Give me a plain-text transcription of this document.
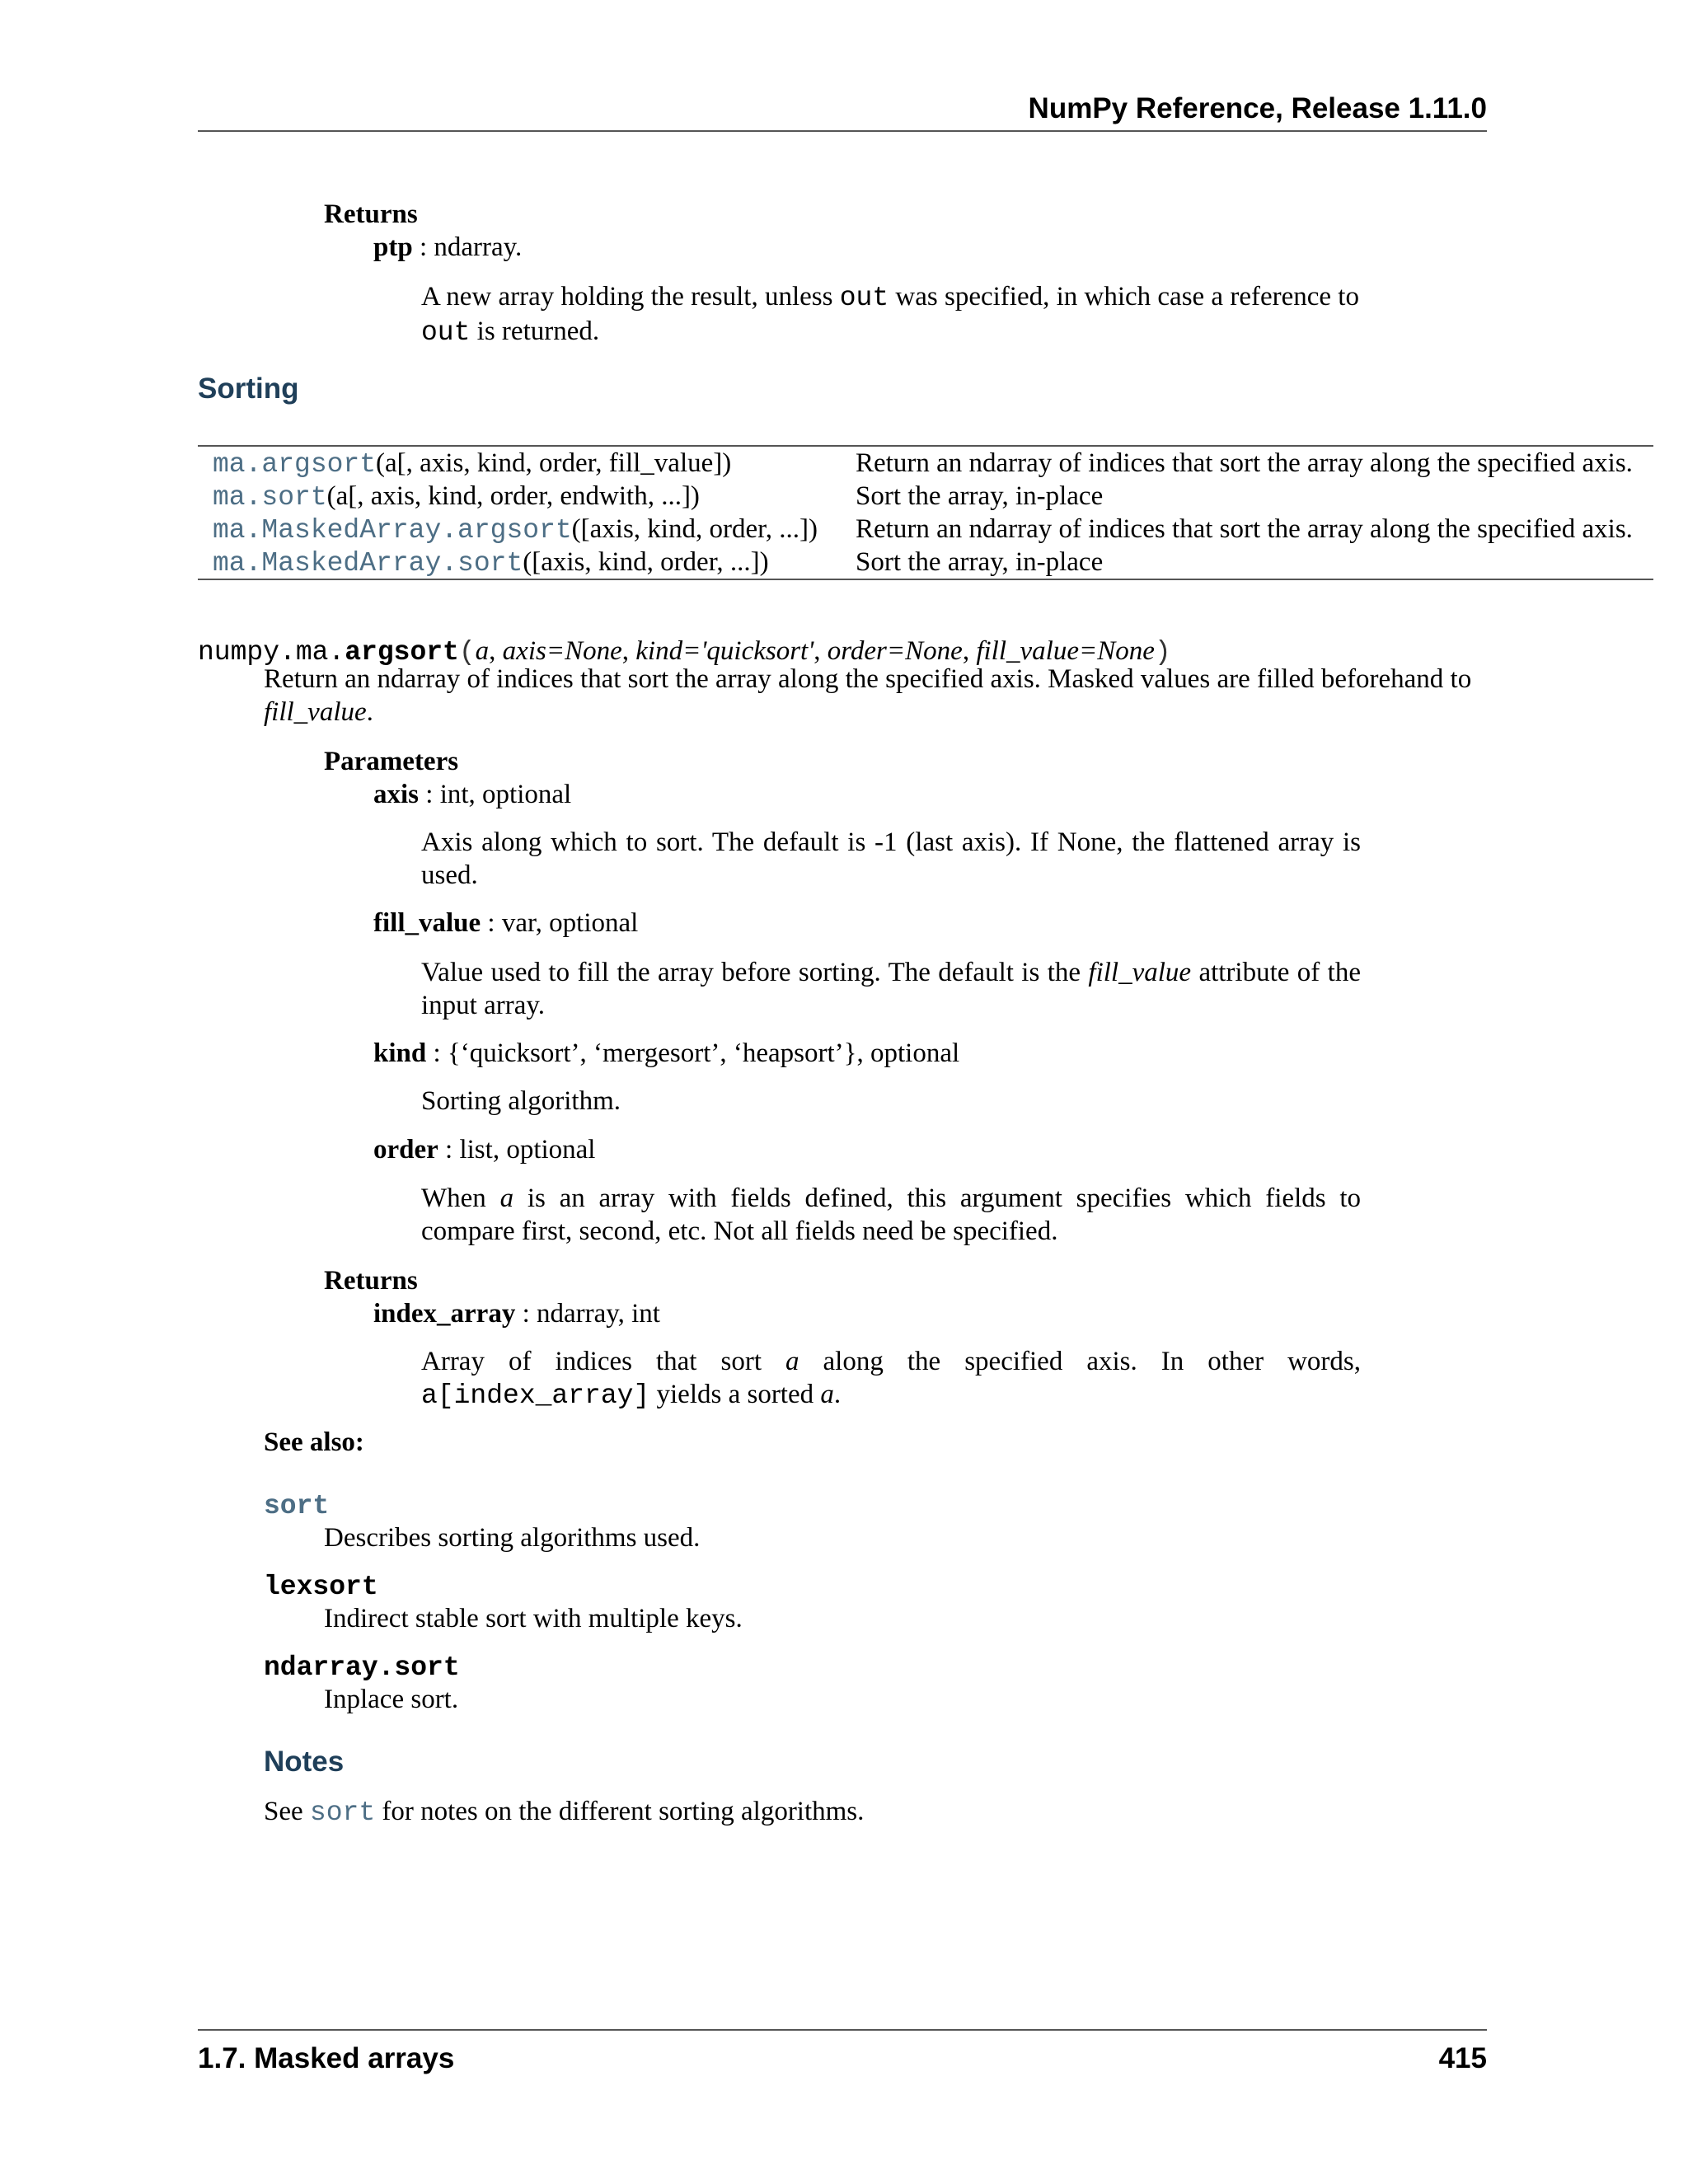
NumPy Reference, Release 1.11.0
Returns
ptp : ndarray.
A new array holding the result, unless out was specified, in which case a reference to
out is returned.
Sorting
ma.argsort(a[, axis, kind, order, fill_value])	Return an ndarray of indices that sort the array along the specified axis.
ma.sort(a[, axis, kind, order, endwith, ...])	Sort the array, in-place
ma.MaskedArray.argsort([axis, kind, order, ...]) Return an ndarray of indices that sort the array along the specified axis.
ma.MaskedArray.sort([axis, kind, order, ...])	Sort the array, in-place
numpy.ma.argsort(a, axis=None, kind='quicksort', order=None, fill_value=None)
Return an ndarray of indices that sort the array along the specified axis. Masked values are filled beforehand to
fill_value.
Parameters
axis : int, optional
Axis along which to sort. The default is -1 (last axis). If None, the flattened array is used.
fill_value : var, optional
Value used to fill the array before sorting. The default is the fill_value attribute of the input array.
kind : {‘quicksort’, ‘mergesort’, ‘heapsort’}, optional
Sorting algorithm.
order : list, optional
When a is an array with fields defined, this argument specifies which fields to compare first, second, etc. Not all fields need be specified.
Returns
index_array : ndarray, int
Array of indices that sort a along the specified axis. In other words,
a[index_array] yields a sorted a.
See also:
sort
Describes sorting algorithms used.
lexsort
Indirect stable sort with multiple keys.
ndarray.sort
Inplace sort.
Notes
See sort for notes on the different sorting algorithms.
1.7. Masked arrays	415
